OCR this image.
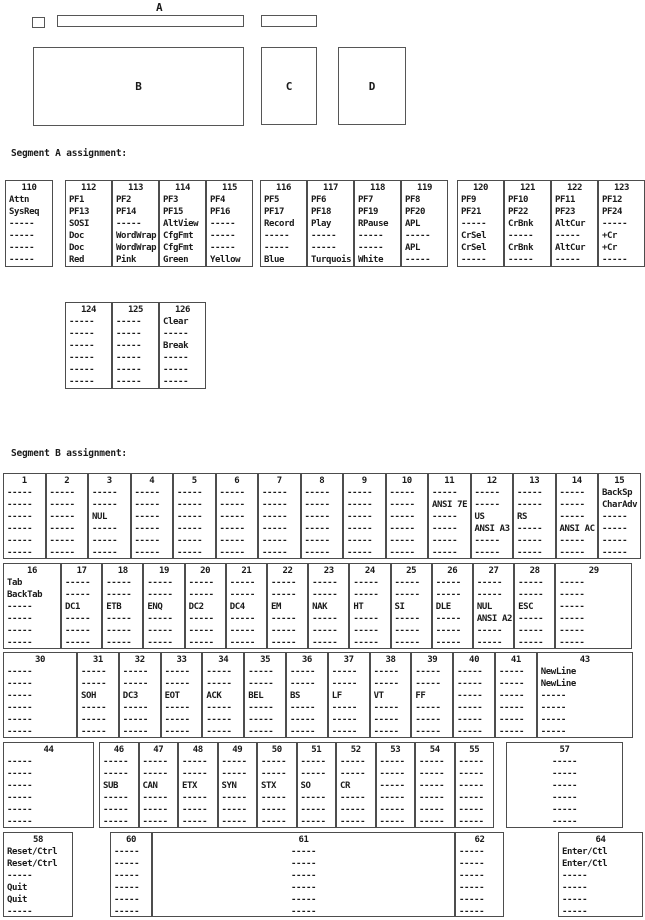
A
B	C	D
Segment A assignment:
110
Attn
SysReq
-----
-----
-----
-----
112
PF1
PF13
SOSI
Doc
Doc
Red
113
PF2
PF14
-----
WordWrap
WordWrap
Pink
114
PF3
PF15
AltView
CfgFmt
CfgFmt
Green
115
PF4
PF16
-----
-----
-----
Yellow
116
PF5
PF17
Record
-----
-----
Blue
117
PF6
PF18
Play
-----
-----
Turquois
118
PF7
PF19
RPause
-----
-----
White
119
PF8
PF20
APL
-----
APL
-----
120
PF9
PF21
-----
CrSel
CrSel
-----
121
PF10
PF22
CrBnk
-----
CrBnk
-----
122
PF11
PF23
AltCur
-----
AltCur
-----
123
PF12
PF24
-----
+Cr
+Cr
-----
124
-----
-----
-----
-----
-----
-----
125
-----
-----
-----
-----
-----
-----
126
Clear
-----
Break
-----
-----
-----
Segment B assignment:
1
-----
-----
-----
-----
-----
-----
2
-----
-----
-----
-----
-----
-----
3
-----
-----
NUL
-----
-----
-----
4
-----
-----
-----
-----
-----
-----
5
-----
-----
-----
-----
-----
-----
6
-----
-----
-----
-----
-----
-----
7
-----
-----
-----
-----
-----
-----
8
-----
-----
-----
-----
-----
-----
9
-----
-----
-----
-----
-----
-----
10
-----
-----
-----
-----
-----
-----
11
-----
ANSI 7E
-----
-----
-----
-----
12
-----
-----
US
ANSI A3
-----
-----
13
-----
-----
RS
-----
-----
-----
14
-----
-----
-----
ANSI AC
-----
-----
15
BackSp
CharAdv
-----
-----
-----
-----
16
Tab
BackTab
-----
-----
-----
-----
17
-----
-----
DC1
-----
-----
-----
18
-----
-----
ETB
-----
-----
-----
19
-----
-----
ENQ
-----
-----
-----
20
-----
-----
DC2
-----
-----
-----
21
-----
-----
DC4
-----
-----
-----
22
-----
-----
EM
-----
-----
-----
23
-----
-----
NAK
-----
-----
-----
24
-----
-----
HT
-----
-----
-----
25
-----
-----
SI
-----
-----
-----
26
-----
-----
DLE
-----
-----
-----
27
-----
-----
NUL
ANSI A2
-----
-----
28
-----
-----
ESC
-----
-----
-----
29
-----
-----
-----
-----
-----
-----
30
-----
-----
-----
-----
-----
-----
31
-----
-----
SOH
-----
-----
-----
32
-----
-----
DC3
-----
-----
-----
33
-----
-----
EOT
-----
-----
-----
34
-----
-----
ACK
-----
-----
-----
35
-----
-----
BEL
-----
-----
-----
36
-----
-----
BS
-----
-----
-----
37
-----
-----
LF
-----
-----
-----
38
-----
-----
VT
-----
-----
-----
39
-----
-----
FF
-----
-----
-----
40
-----
-----
-----
-----
-----
-----
41
-----
-----
-----
-----
-----
-----
43
NewLine
NewLine
-----
-----
-----
-----
44
-----
-----
-----
-----
-----
-----
46
-----
-----
SUB
-----
-----
-----
47
-----
-----
CAN
-----
-----
-----
48
-----
-----
ETX
-----
-----
-----
49
-----
-----
SYN
-----
-----
-----
50
-----
-----
STX
-----
-----
-----
51
-----
-----
SO
-----
-----
-----
52
-----
-----
CR
-----
-----
-----
53
-----
-----
-----
-----
-----
-----
54
-----
-----
-----
-----
-----
-----
55
-----
-----
-----
-----
-----
-----
57
-----
-----
-----
-----
-----
-----
58
Reset/Ctrl
Reset/Ctrl
-----
Quit
Quit
-----
60
-----
-----
-----
-----
-----
-----
61
-----
-----
-----
-----
-----
-----
62
-----
-----
-----
-----
-----
-----
64
Enter/Ctl
Enter/Ctl
-----
-----
-----
-----
